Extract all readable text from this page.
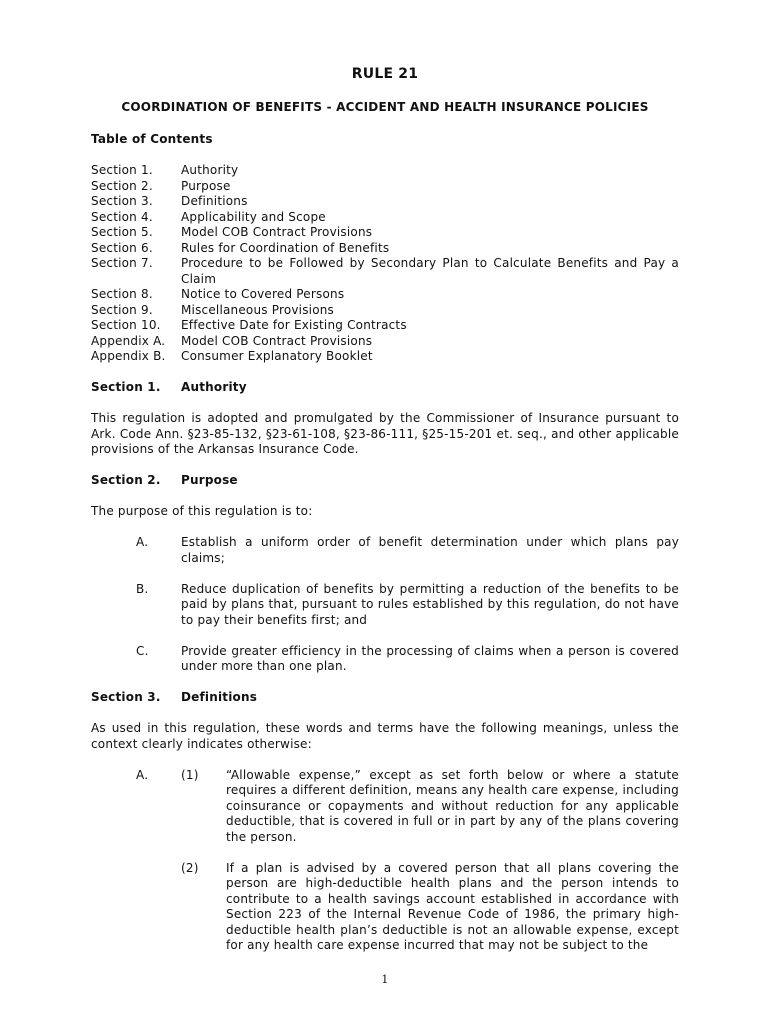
RULE 21
COORDINATION OF BENEFITS - ACCIDENT AND HEALTH INSURANCE POLICIES
Table of Contents
Section 1.	Authority
Section 2.	Purpose
Section 3.	Definitions
Section 4.	Applicability and Scope
Section 5.	Model COB Contract Provisions
Section 6.	Rules for Coordination of Benefits
Section 7.	Procedure to be Followed by Secondary Plan to Calculate Benefits and Pay a Claim
Section 8.	Notice to Covered Persons
Section 9.	Miscellaneous Provisions
Section 10.	Effective Date for Existing Contracts
Appendix A.	Model COB Contract Provisions
Appendix B.	Consumer Explanatory Booklet
Section 1.	Authority

This regulation is adopted and promulgated by the Commissioner of Insurance pursuant to Ark. Code Ann. §23-85-132, §23-61-108, §23-86-111, §25-15-201 et. seq., and other applicable provisions of the Arkansas Insurance Code.

Section 2.	Purpose

The purpose of this regulation is to:

A.	Establish a uniform order of benefit determination under which plans pay claims;
B.	Reduce duplication of benefits by permitting a reduction of the benefits to be paid by plans that, pursuant to rules established by this regulation, do not have to pay their benefits first; and
C.	Provide greater efficiency in the processing of claims when a person is covered under more than one plan.
Section 3.	Definitions

As used in this regulation, these words and terms have the following meanings, unless the context clearly indicates otherwise:

A.	(1)	“Allowable expense,” except as set forth below or where a statute requires a different definition, means any health care expense, including coinsurance or copayments and without reduction for any applicable deductible, that is covered in full or in part by any of the plans covering the person.
(2)	If a plan is advised by a covered person that all plans covering the person are high-deductible health plans and the person intends to contribute to a health savings account established in accordance with Section 223 of the Internal Revenue Code of 1986, the primary high-deductible health plan’s deductible is not an allowable expense, except for any health care expense incurred that may not be subject to the
1
